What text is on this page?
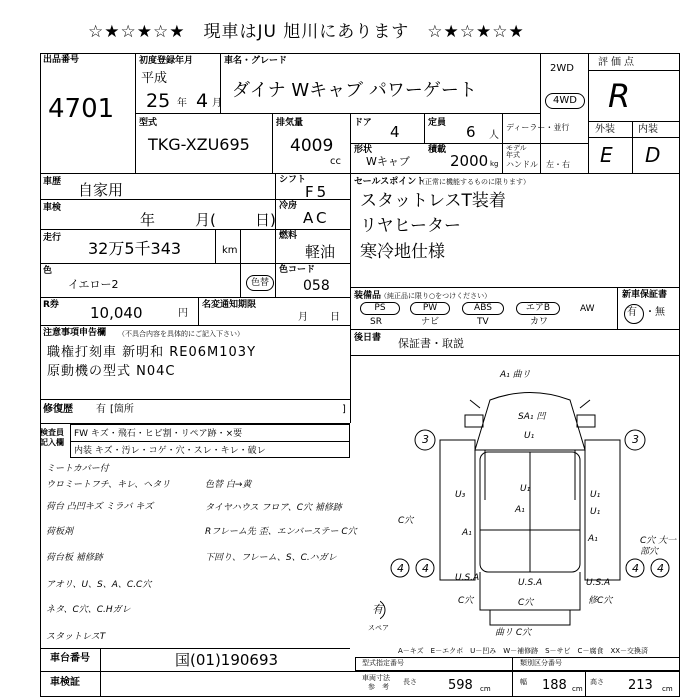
☆★☆★☆★　現車はJU 旭川にあります　☆★☆★☆★
出品番号
4701
初度登録年月
平成
25 年 4 月
車名・グレード
ダイナ Wキャブ パワーゲート
2WD
4WD
評価点
R
外装 内装
E D
型式
TKG-XZU695
排気量
4009
cc
ドア 4	定員 6 人
ディーラー・並行
形状
Wキャブ
積載
2000 kg
モデル
年式
ハンドル　左・右
車歴 自家用
シフト
F5
車検
年	月(	日)
冷房
AC
走行
32万5千343	km
燃料
軽油
色
イエロー2	色替
色コード
058
R券 10,040	円
名変通知期限
月 日
注意事項申告欄 （不具合内容を具体的にご記入下さい）
職権打刻車 新明和 RE06M103Y
原動機の型式 N04C
修復歴 有 [箇所	]
セールスポイント
（正常に機能するものに限ります）
スタットレスT装着
リヤヒーター
寒冷地仕様
装備品
（純正品に限り○をつけください）	新車保証書
有 ・無
PS	PW	ABS	エアB	AW
SR	ナビ	TV	カワ
後日書 保証書・取説
検査員
記入欄
FW キズ・飛石・ヒビ割・リペア跡・×要
内装 キズ・汚レ・コゲ・穴・スレ・キレ・破レ
ミートカバー付
ウロミートフチ、キレ、ヘタリ
荷台 凸凹キズ ミラバ キズ
荷板剤
荷台板 補修跡
アオリ、U、S、A、C.C穴
ネタ、C穴、C.Hガレ
スタットレスT
色替 白→黄
タイヤハウス フロア、C穴 補修跡
Rフレーム先 歪、エンバーステー C穴
下回り、フレーム、S、C.ハガレ
A₁ 曲リ
SA₁ 凹
U₁
U₁
U₁
U₃
A₁	U₁
A₁
A₁
U.S.A	U.S.A
C穴	C穴
U.S.A
修C穴
曲リ C穴
C穴
C穴 大一部穴
3	3
4 4	4 4
有
スペア
A－キズ　E－エクボ　U－凹み　W－補修跡　S－サビ　C－腐食　XX－交換済
車台番号	国(01)190693
車検証
型式指定番号	類別区分番号
車両寸法
参　考
長さ 598 cm
幅 188 cm
高さ 213 cm
